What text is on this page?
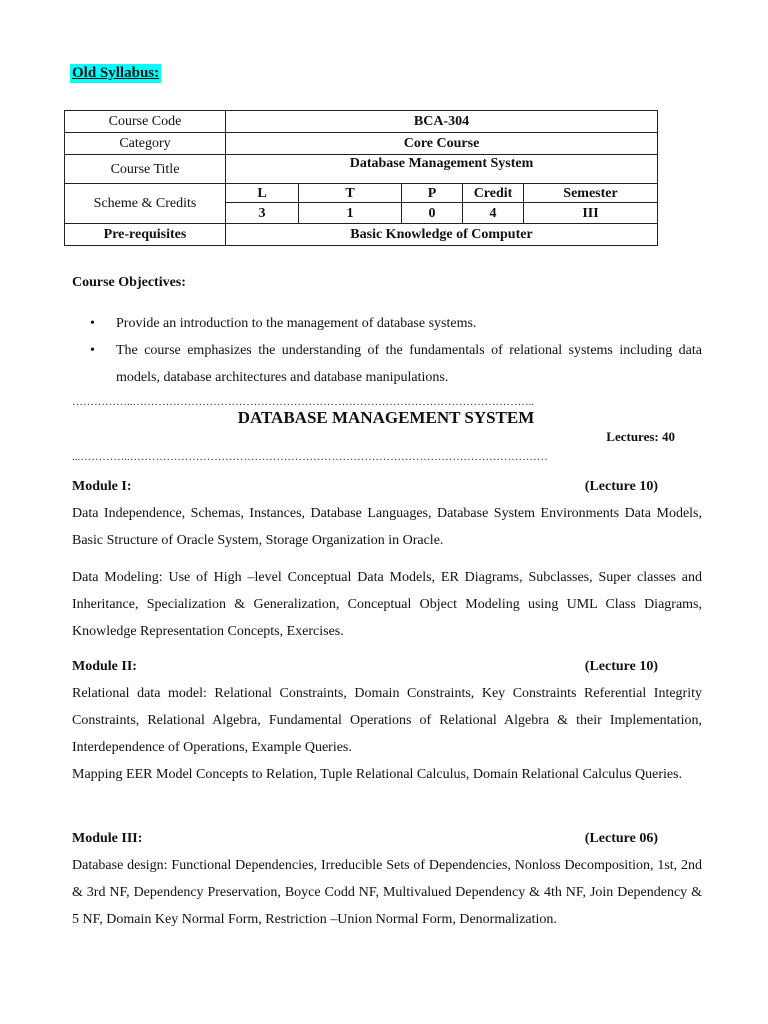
Old Syllabus:
Course Code	BCA-304				
Category	Core Course				
Course Title	Database Management System				
Scheme & Credits	L	T	P	Credit	Semester
	3	1	0	4	III
Pre-requisites	Basic Knowledge of Computer				
Course Objectives:
• Provide an introduction to the management of database systems.
• The course emphasizes the understanding of the fundamentals of relational systems including data models, database architectures and database manipulations.
……………..………………………………………………………………………………………………..
DATABASE MANAGEMENT SYSTEM
Lectures: 40
...…………..……………………………………………………………………………………………………
Module I:	(Lecture 10)

Data Independence, Schemas, Instances, Database Languages, Database System Environments Data Models, Basic Structure of Oracle System, Storage Organization in Oracle.

Data Modeling: Use of High –level Conceptual Data Models, ER Diagrams, Subclasses, Super classes and Inheritance, Specialization & Generalization, Conceptual Object Modeling using UML Class Diagrams, Knowledge Representation Concepts, Exercises.

Module II:	(Lecture 10)

Relational data model: Relational Constraints, Domain Constraints, Key Constraints Referential Integrity Constraints, Relational Algebra, Fundamental Operations of Relational Algebra & their Implementation, Interdependence of Operations, Example Queries.

Mapping EER Model Concepts to Relation, Tuple Relational Calculus, Domain Relational Calculus Queries.

Module III:	(Lecture 06)

Database design: Functional Dependencies, Irreducible Sets of Dependencies, Nonloss Decomposition, 1st, 2nd & 3rd NF, Dependency Preservation, Boyce Codd NF, Multivalued Dependency & 4th NF, Join Dependency & 5 NF, Domain Key Normal Form, Restriction –Union Normal Form, Denormalization.
